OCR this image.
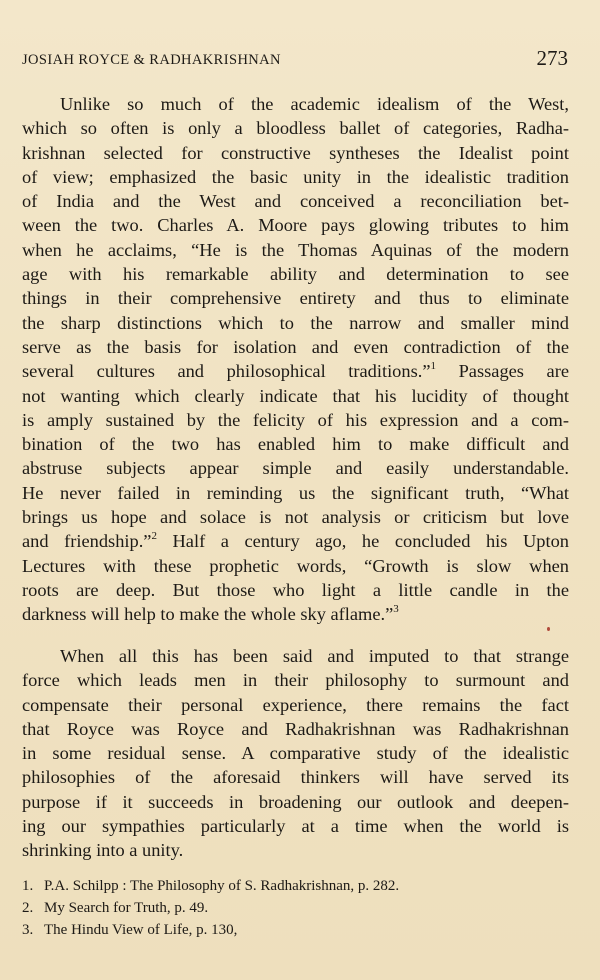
JOSIAH ROYCE & RADHAKRISHNAN	273
Unlike so much of the academic idealism of the West,
which so often is only a bloodless ballet of categories, Radha-
krishnan selected for constructive syntheses the Idealist point
of view; emphasized the basic unity in the idealistic tradition
of India and the West and conceived a reconciliation bet-
ween the two. Charles A. Moore pays glowing tributes to him
when he acclaims, “He is the Thomas Aquinas of the modern
age with his remarkable ability and determination to see
things in their comprehensive entirety and thus to eliminate
the sharp distinctions which to the narrow and smaller mind
serve as the basis for isolation and even contradiction of the
several cultures and philosophical traditions.”$^1$ Passages are
not wanting which clearly indicate that his lucidity of thought
is amply sustained by the felicity of his expression and a com-
bination of the two has enabled him to make difficult and
abstruse subjects appear simple and easily understandable.
He never failed in reminding us the significant truth, “What
brings us hope and solace is not analysis or criticism but love
and friendship.”$^2$ Half a century ago, he concluded his Upton
Lectures with these prophetic words, “Growth is slow when
roots are deep. But those who light a little candle in the
darkness will help to make the whole sky aflame.”$^3$
When all this has been said and imputed to that strange
force which leads men in their philosophy to surmount and
compensate their personal experience, there remains the fact
that Royce was Royce and Radhakrishnan was Radhakrishnan
in some residual sense. A comparative study of the idealistic
philosophies of the aforesaid thinkers will have served its
purpose if it succeeds in broadening our outlook and deepen-
ing our sympathies particularly at a time when the world is
shrinking into a unity.
1. P.A. Schilpp : The Philosophy of S. Radhakrishnan, p. 282.
2. My Search for Truth, p. 49.
3. The Hindu View of Life, p. 130,
